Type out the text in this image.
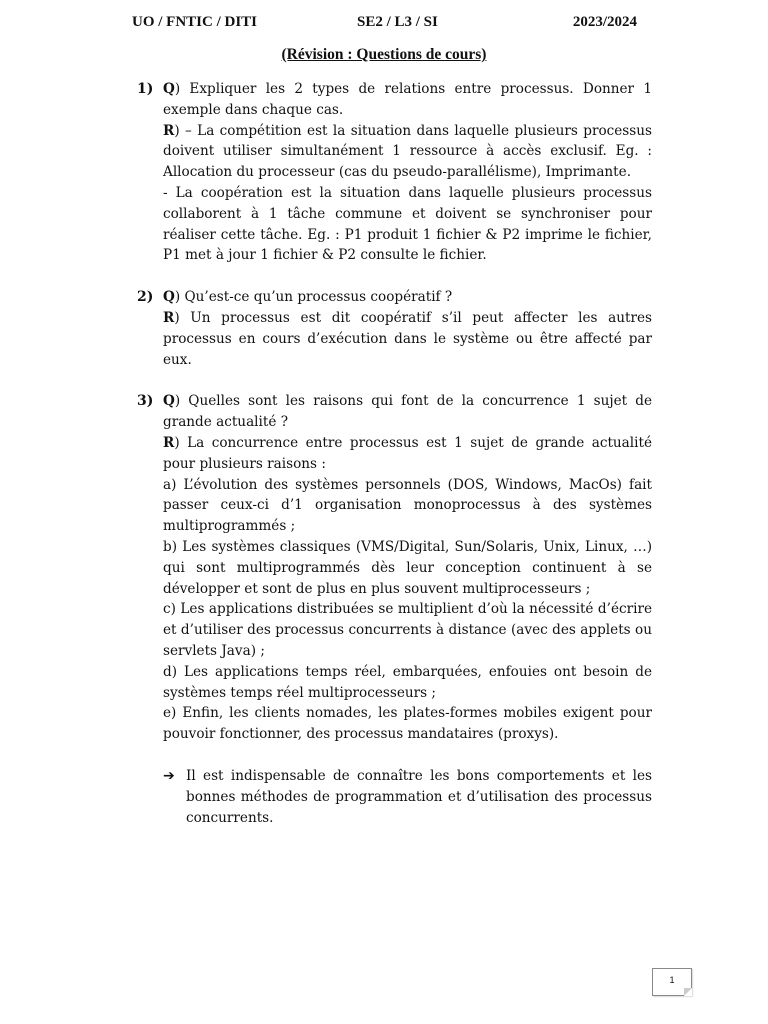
UO / FNTIC / DITI	SE2 / L3 / SI	2023/2024
(Révision : Questions de cours)
1) Q) Expliquer les 2 types de relations entre processus. Donner 1 exemple dans chaque cas.

R) – La compétition est la situation dans laquelle plusieurs processus doivent utiliser simultanément 1 ressource à accès exclusif. Eg. : Allocation du processeur (cas du pseudo-parallélisme), Imprimante.

- La coopération est la situation dans laquelle plusieurs processus collaborent à 1 tâche commune et doivent se synchroniser pour réaliser cette tâche. Eg. : P1 produit 1 fichier & P2 imprime le fichier, P1 met à jour 1 fichier & P2 consulte le fichier.

2) Q) Qu’est-ce qu’un processus coopératif ?

R) Un processus est dit coopératif s’il peut affecter les autres processus en cours d’exécution dans le système ou être affecté par eux.

3) Q) Quelles sont les raisons qui font de la concurrence 1 sujet de grande actualité ?

R) La concurrence entre processus est 1 sujet de grande actualité pour plusieurs raisons :

a) L’évolution des systèmes personnels (DOS, Windows, MacOs) fait passer ceux-ci d’1 organisation monoprocessus à des systèmes multiprogrammés ;

b) Les systèmes classiques (VMS/Digital, Sun/Solaris, Unix, Linux, …) qui sont multiprogrammés dès leur conception continuent à se développer et sont de plus en plus souvent multiprocesseurs ;

c) Les applications distribuées se multiplient d’où la nécessité d’écrire et d’utiliser des processus concurrents à distance (avec des applets ou servlets Java) ;

d) Les applications temps réel, embarquées, enfouies ont besoin de systèmes temps réel multiprocesseurs ;

e) Enfin, les clients nomades, les plates-formes mobiles exigent pour pouvoir fonctionner, des processus mandataires (proxys).

➔ Il est indispensable de connaître les bons comportements et les bonnes méthodes de programmation et d’utilisation des processus concurrents.

1
